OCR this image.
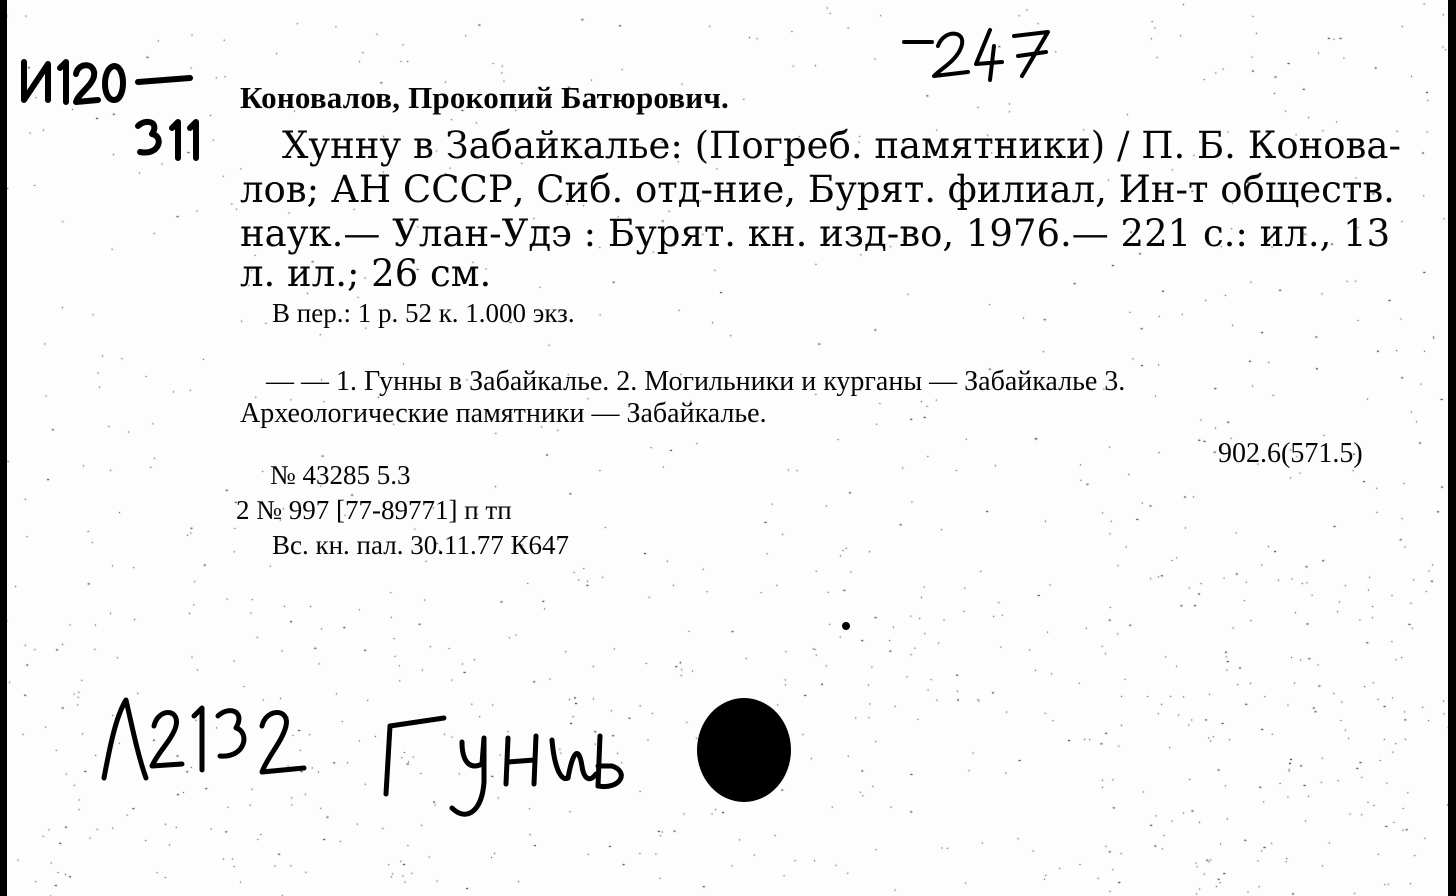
Коновалов, Прокопий Батюрович.
Хунну в Забайкалье: (Погреб. памятники) / П. Б. Конова-
лов; АН СССР, Сиб. отд-ние, Бурят. филиал, Ин-т обществ.
наук.— Улан-Удэ : Бурят. кн. изд-во, 1976.— 221 с.: ил., 13
л. ил.; 26 см.
В пер.: 1 р. 52 к. 1.000 экз.
— — 1. Гунны в Забайкалье. 2. Могильники и курганы — Забайкалье 3.
Археологические памятники — Забайкалье.
902.6(571.5)
№ 43285 5.3
2 № 997 [77-89771] п тп
Вс. кн. пал. 30.11.77 К647
